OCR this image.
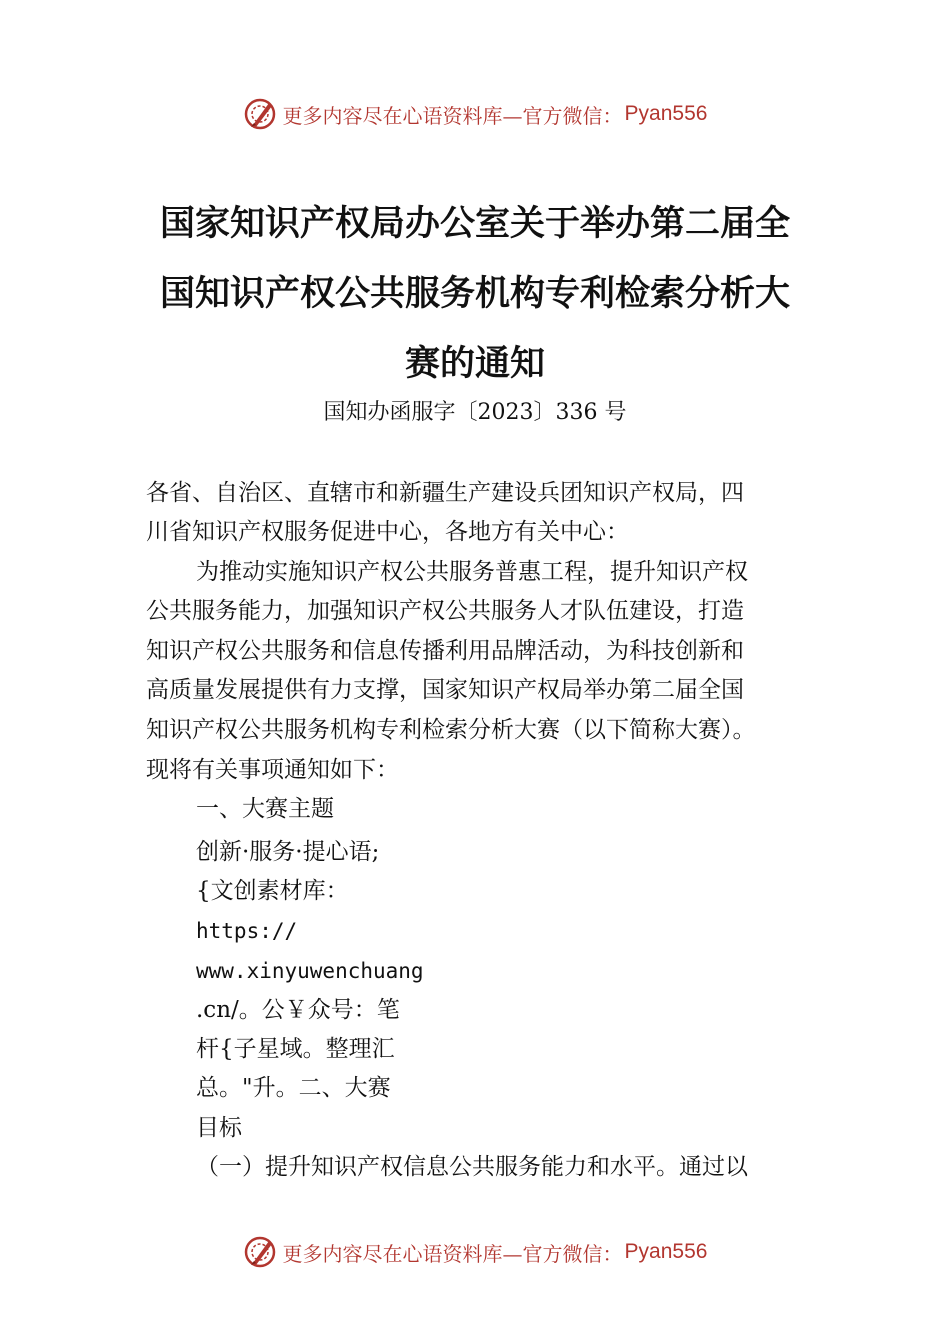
更多内容尽在心语资料库—官方微信： Pyan556
国家知识产权局办公室关于举办第二届全
国知识产权公共服务机构专利检索分析大
赛的通知
国知办函服字〔2023〕336 号
各省、自治区、直辖市和新疆生产建设兵团知识产权局，四
川省知识产权服务促进中心，各地方有关中心：
为推动实施知识产权公共服务普惠工程，提升知识产权
公共服务能力，加强知识产权公共服务人才队伍建设，打造
知识产权公共服务和信息传播利用品牌活动，为科技创新和
高质量发展提供有力支撑，国家知识产权局举办第二届全国
知识产权公共服务机构专利检索分析大赛（以下简称大赛）。
现将有关事项通知如下：
一、大赛主题
创新·服务·提心语;
{文创素材库：
https://
www.xinyuwenchuang
.cn/。公￥众号：笔
杆{子星域。整理汇
总。"升。二、大赛
目标
（一）提升知识产权信息公共服务能力和水平。通过以
更多内容尽在心语资料库—官方微信： Pyan556
